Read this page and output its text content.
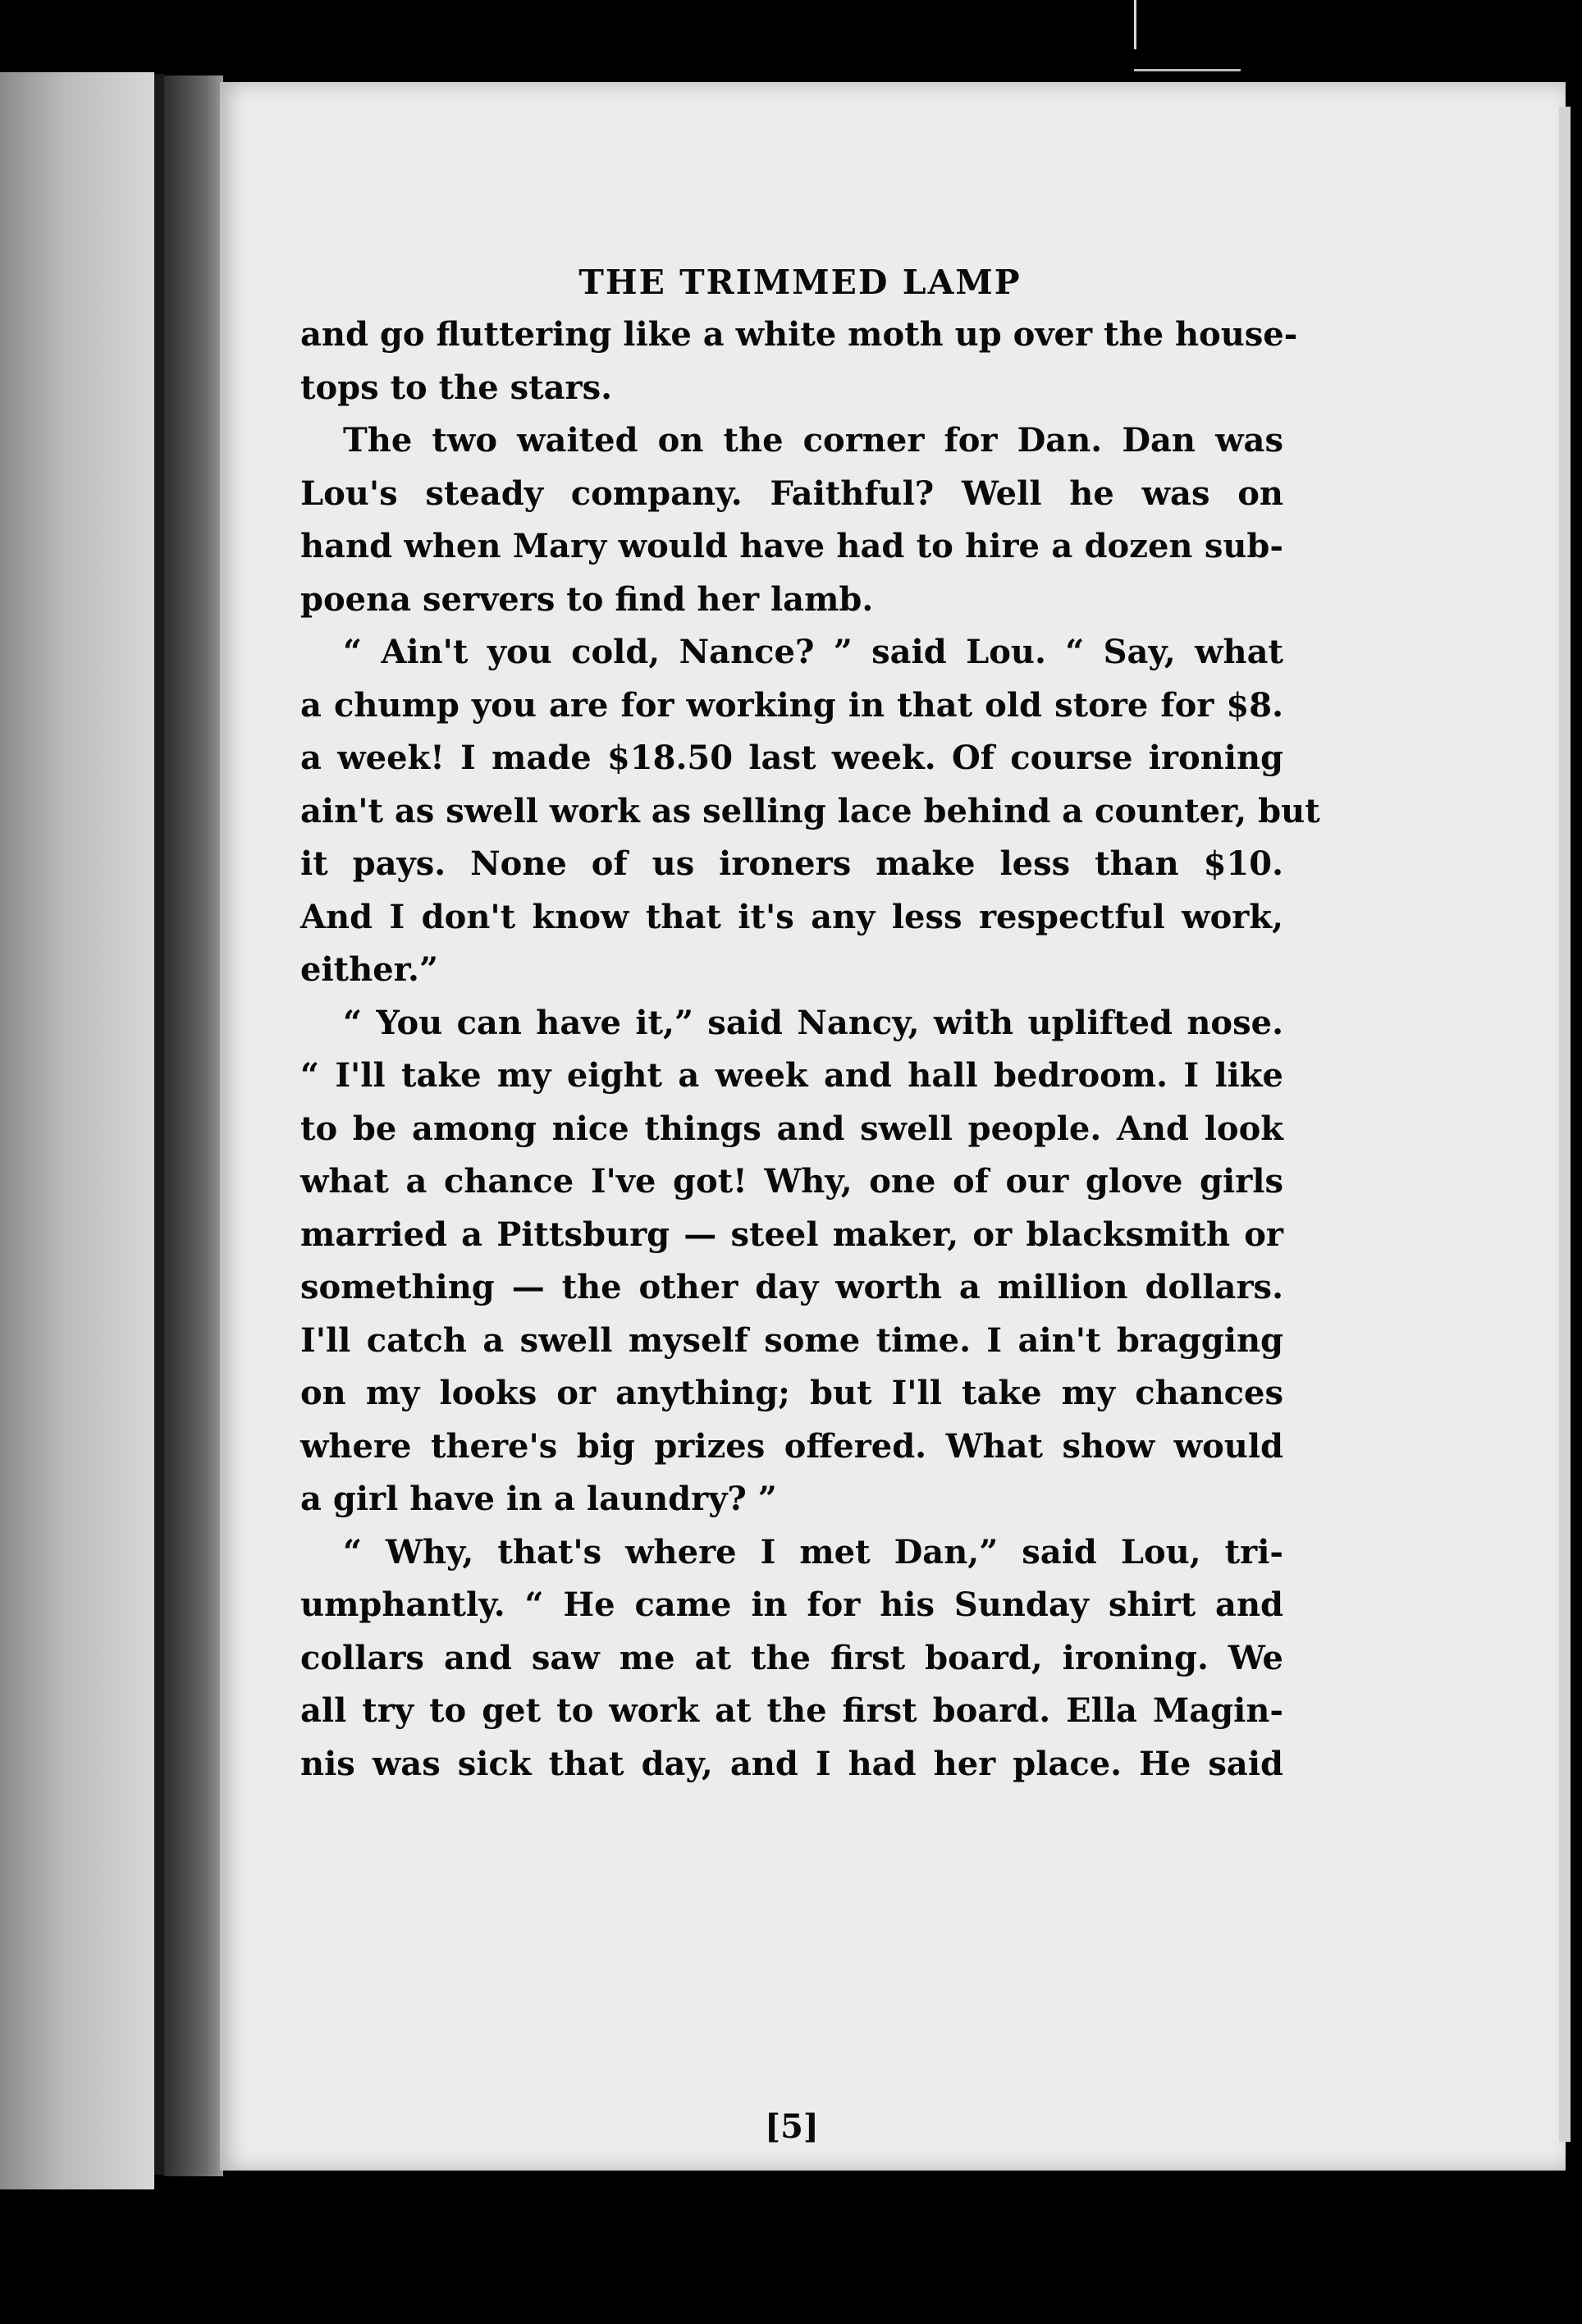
THE TRIMMED LAMP
and go fluttering like a white moth up over the house-
tops to the stars.
The two waited on the corner for Dan. Dan was
Lou's steady company. Faithful? Well he was on
hand when Mary would have had to hire a dozen sub-
poena servers to find her lamb.
“ Ain't you cold, Nance? ” said Lou. “ Say, what
a chump you are for working in that old store for $8.
a week! I made $18.50 last week. Of course ironing
ain't as swell work as selling lace behind a counter, but
it pays. None of us ironers make less than $10.
And I don't know that it's any less respectful work,
either.”
“ You can have it,” said Nancy, with uplifted nose.
“ I'll take my eight a week and hall bedroom. I like
to be among nice things and swell people. And look
what a chance I've got! Why, one of our glove girls
married a Pittsburg — steel maker, or blacksmith or
something — the other day worth a million dollars.
I'll catch a swell myself some time. I ain't bragging
on my looks or anything; but I'll take my chances
where there's big prizes offered. What show would
a girl have in a laundry? ”
“ Why, that's where I met Dan,” said Lou, tri-
umphantly. “ He came in for his Sunday shirt and
collars and saw me at the first board, ironing. We
all try to get to work at the first board. Ella Magin-
nis was sick that day, and I had her place. He said
[5]
